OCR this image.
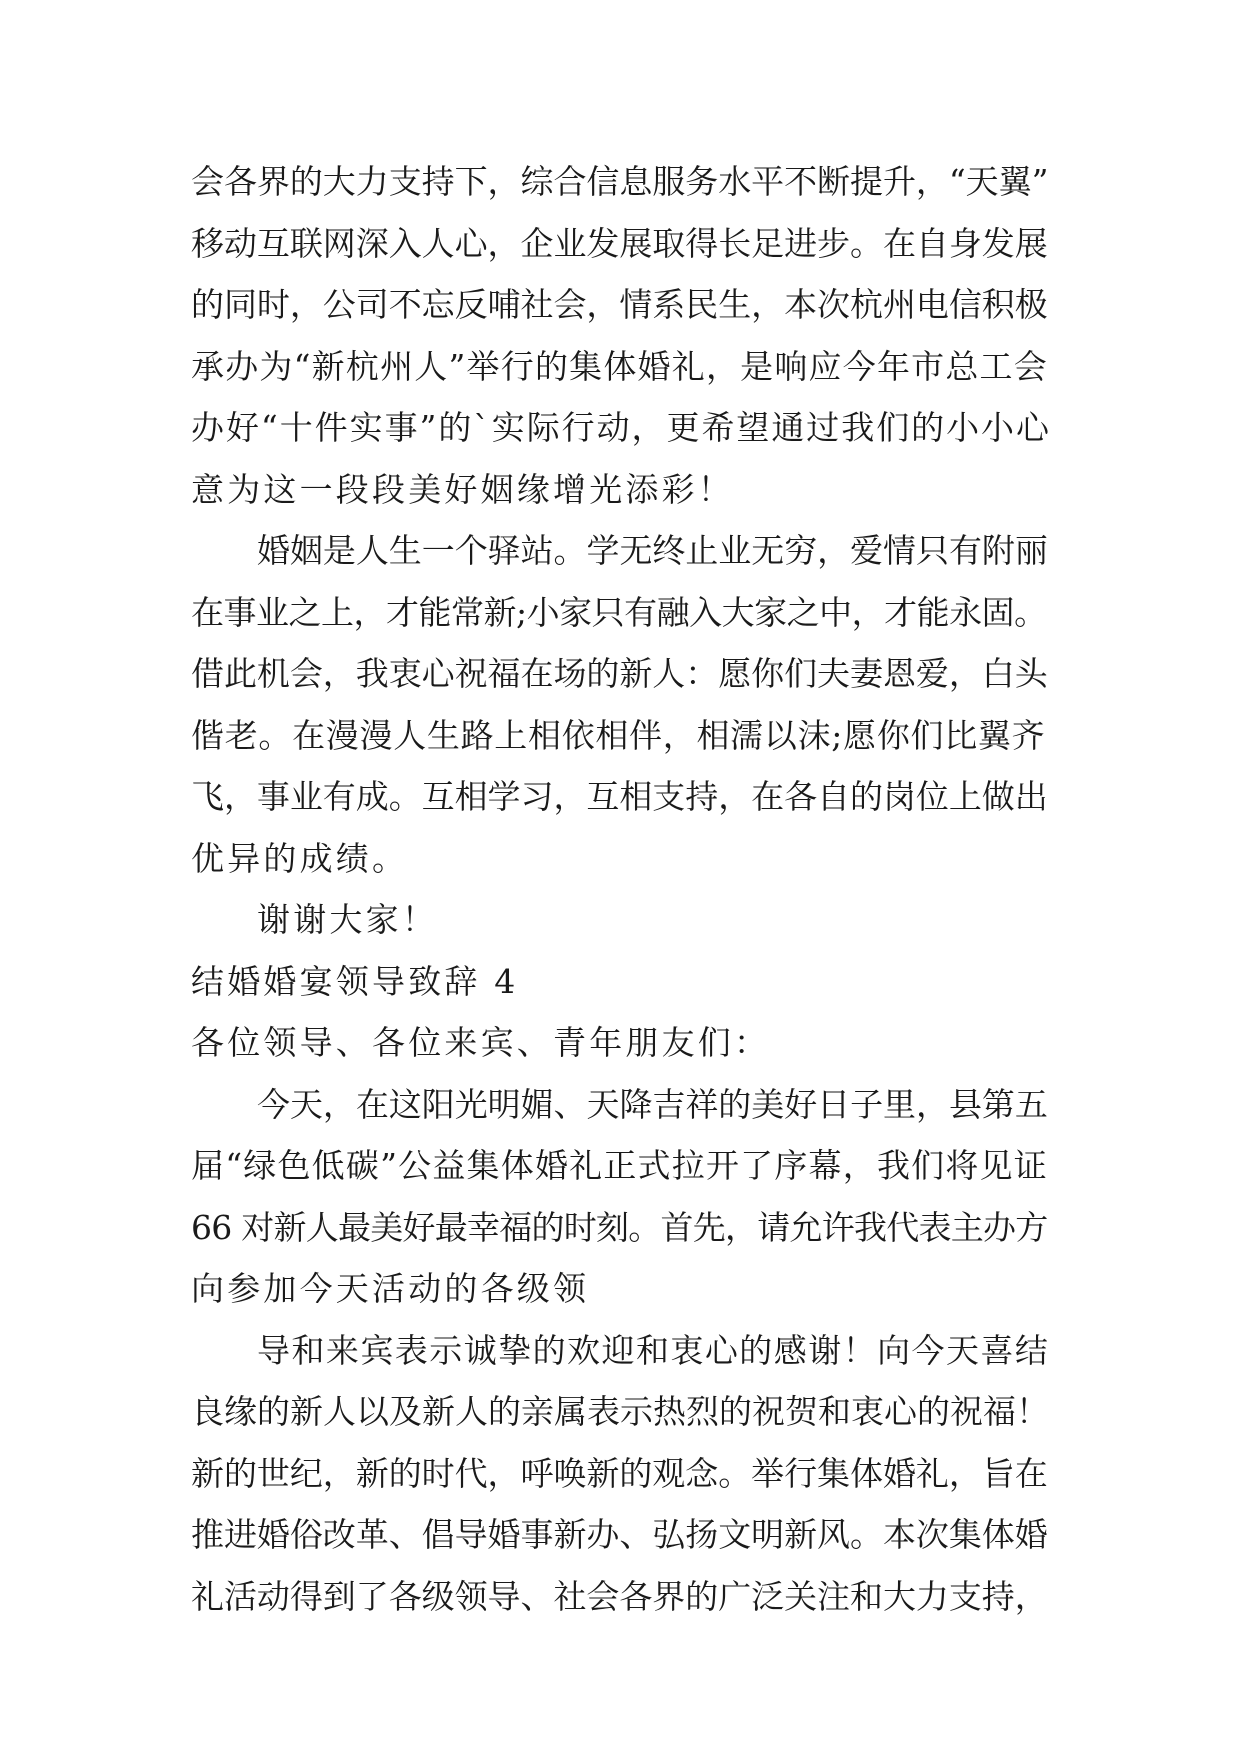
会各界的大力支持下，综合信息服务水平不断提升，“天翼”
移动互联网深入人心，企业发展取得长足进步。在自身发展
的同时，公司不忘反哺社会，情系民生，本次杭州电信积极
承办为“新杭州人”举行的集体婚礼，是响应今年市总工会
办好“十件实事”的`实际行动，更希望通过我们的小小心
意为这一段段美好姻缘增光添彩！
婚姻是人生一个驿站。学无终止业无穷，爱情只有附丽
在事业之上，才能常新;小家只有融入大家之中，才能永固。
借此机会，我衷心祝福在场的新人：愿你们夫妻恩爱，白头
偕老。在漫漫人生路上相依相伴，相濡以沫;愿你们比翼齐
飞，事业有成。互相学习，互相支持，在各自的岗位上做出
优异的成绩。
谢谢大家！
结婚婚宴领导致辞 4
各位领导、各位来宾、青年朋友们：
今天，在这阳光明媚、天降吉祥的美好日子里，县第五
届“绿色低碳”公益集体婚礼正式拉开了序幕，我们将见证
66 对新人最美好最幸福的时刻。首先，请允许我代表主办方
向参加今天活动的各级领
导和来宾表示诚挚的欢迎和衷心的感谢！向今天喜结
良缘的新人以及新人的亲属表示热烈的祝贺和衷心的祝福！
新的世纪，新的时代，呼唤新的观念。举行集体婚礼，旨在
推进婚俗改革、倡导婚事新办、弘扬文明新风。本次集体婚
礼活动得到了各级领导、社会各界的广泛关注和大力支持，
